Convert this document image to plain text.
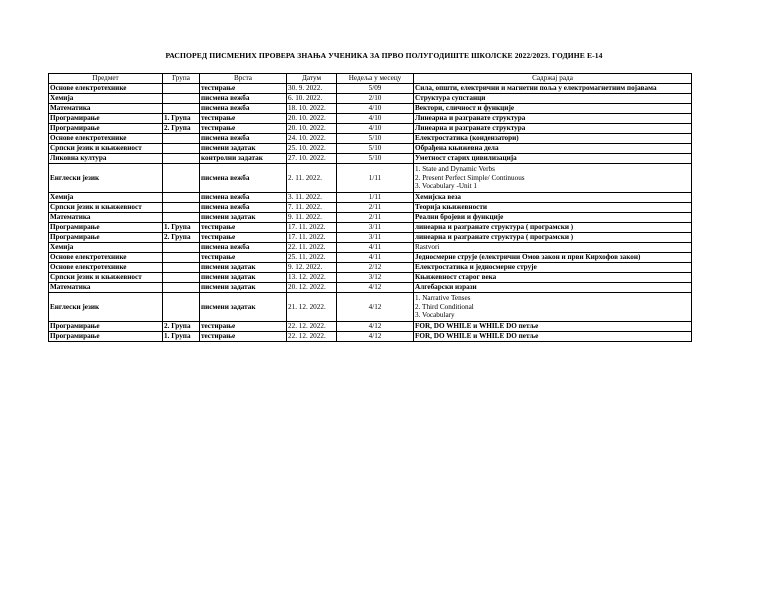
РАСПОРЕД ПИСМЕНИХ ПРОВЕРА ЗНАЊА УЧЕНИКА ЗА ПРВО ПОЛУГОДИШТЕ ШКОЛСКЕ 2022/2023. ГОДИНЕ Е-14
Предмет	Група	Врста	Датум	Недеља у месецу	Садржај рада
Основе електротехнике		тестирање	30. 9. 2022.	5/09	Сила, општи, електрични и магнетни поља у електромагнетним појавама

Хемија		писмена вежба	6. 10. 2022.	2/10	Структура супстанци

Математика		писмена вежба	18. 10. 2022.	4/10	Вектори, сличност и функције

Програмирање	1. Група	тестирање	20. 10. 2022.	4/10	Линеарна и разгранате структура

Програмирање	2. Група	тестирање	20. 10. 2022.	4/10	Линеарна и разгранате структура

Основе електротехнике		писмена вежба	24. 10. 2022.	5/10	Електростатика (кондензатори)

Српски језик и књижевност		писмени задатак	25. 10. 2022.	5/10	Обрађена књижевна дела

Ликовна култура		контролни задатак	27. 10. 2022.	5/10	Уметност старих цивилизација

Енглески језик		писмена вежба	2. 11. 2022.	1/11	1. State and Dynamic Verbs
2. Present Perfect Simple/ Continuous
3. Vocabulary -Unit 1

Хемија		писмена вежба	3. 11. 2022.	1/11	Хемијска веза

Српски језик и књижевност		писмена вежба	7. 11. 2022.	2/11	Теорија књижевности

Математика		писмени задатак	9. 11. 2022.	2/11	Реални бројеви и функције

Програмирање	1. Група	тестирање	17. 11. 2022.	3/11	линеарна и разгранате структура ( програмски )

Програмирање	2. Група	тестирање	17. 11. 2022.	3/11	линеарна и разгранате структура ( програмски )

Хемија		писмена вежба	22. 11. 2022.	4/11	Rastvori

Основе електротехнике		тестирање	25. 11. 2022.	4/11	Једносмерне струје (електрични Омов закон и први Кирхофов закон)

Основе електротехнике		писмени задатак	9. 12. 2022.	2/12	Електростатика и једносмерне струје

Српски језик и књижевност		писмени задатак	13. 12. 2022.	3/12	Књижевност старог века

Математика		писмени задатак	20. 12. 2022.	4/12	Алгебарски изрази

Енглески језик		писмени задатак	21. 12. 2022.	4/12	1. Narrative Tenses
2. Third Conditional
3. Vocabulary

Програмирање	2. Група	тестирање	22. 12. 2022.	4/12	FOR, DO WHILE и WHILE DO петље

Програмирање	1. Група	тестирање	22. 12. 2022.	4/12	FOR, DO WHILE и WHILE DO петље
